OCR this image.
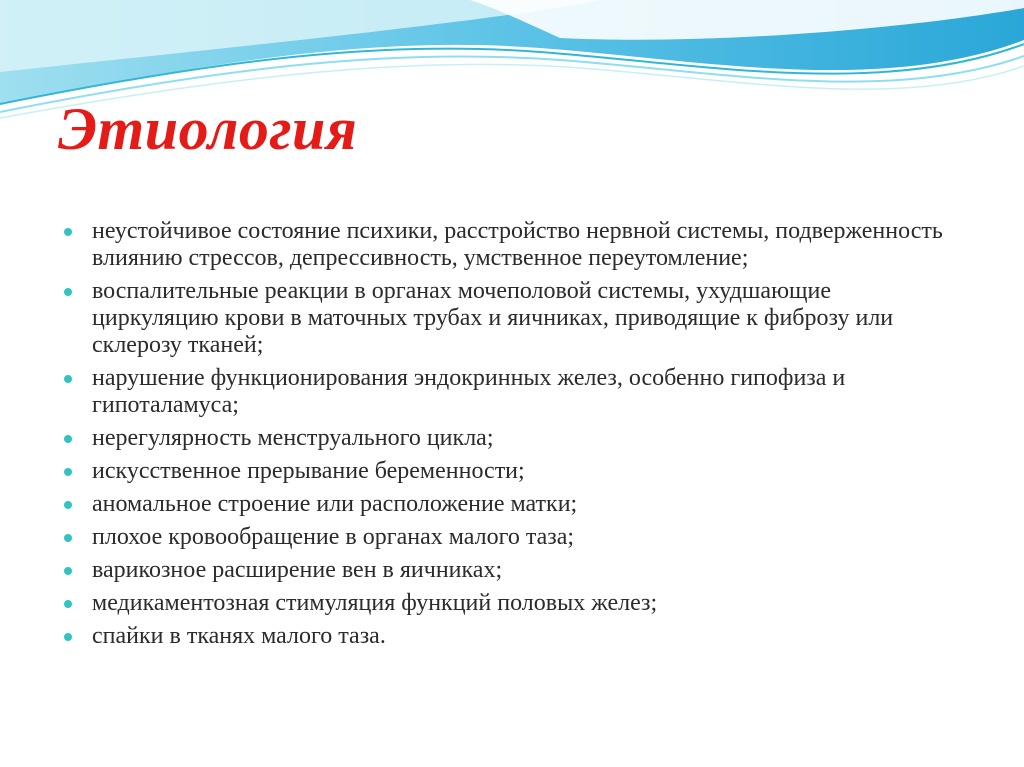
Этиология
неустойчивое состояние психики, расстройство нервной системы, подверженность влиянию стрессов, депрессивность, умственное переутомление;
воспалительные реакции в органах мочеполовой системы, ухудшающие циркуляцию крови в маточных трубах и яичниках, приводящие к фиброзу или склерозу тканей;
нарушение функционирования эндокринных желез, особенно гипофиза и гипоталамуса;
нерегулярность менструального цикла;
искусственное прерывание беременности;
аномальное строение или расположение матки;
плохое кровообращение в органах малого таза;
варикозное расширение вен в яичниках;
медикаментозная стимуляция функций половых желез;
спайки в тканях малого таза.
